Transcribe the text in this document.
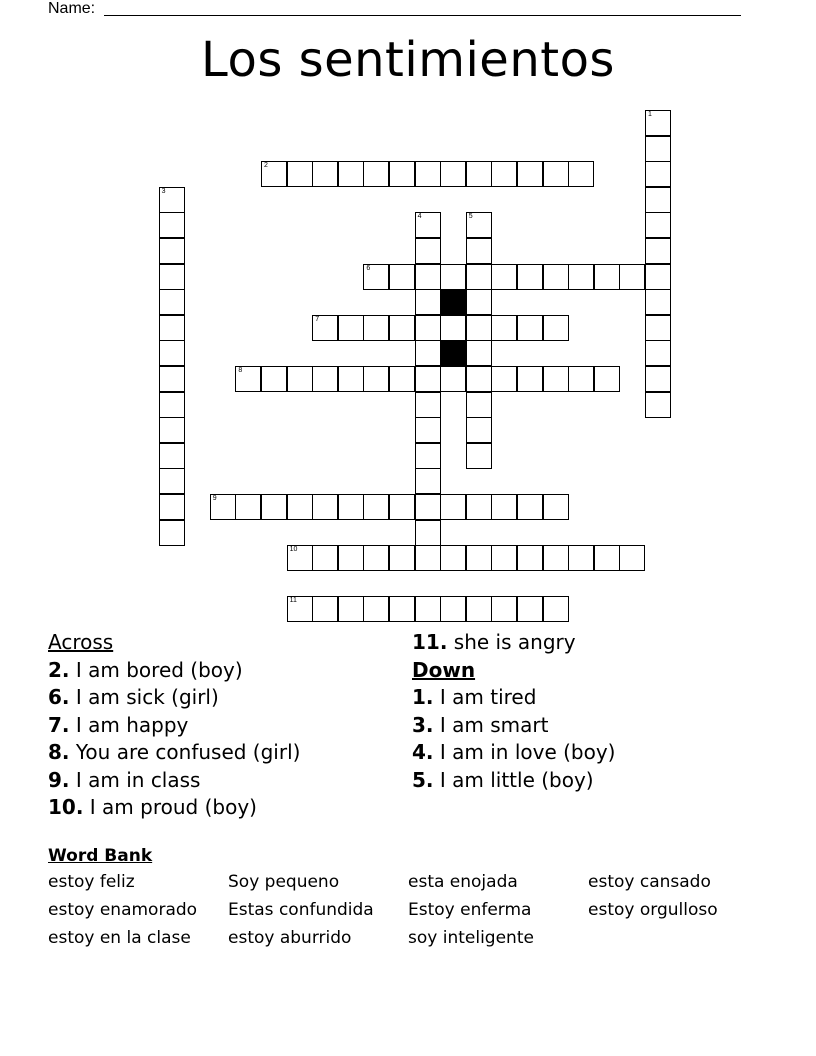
Name:
Los sentimientos
1
2
3
4	5
6
7
8
9
10
11
Across
2. I am bored (boy)
6. I am sick (girl)
7. I am happy
8. You are confused (girl)
9. I am in class
10. I am proud (boy)
11. she is angry
Down
1. I am tired
3. I am smart
4. I am in love (boy)
5. I am little (boy)
Word Bank
estoy feliz	Soy pequeno	esta enojada	estoy cansado
estoy enamorado	Estas confundida	Estoy enferma	estoy orgulloso
estoy en la clase	estoy aburrido	soy inteligente
